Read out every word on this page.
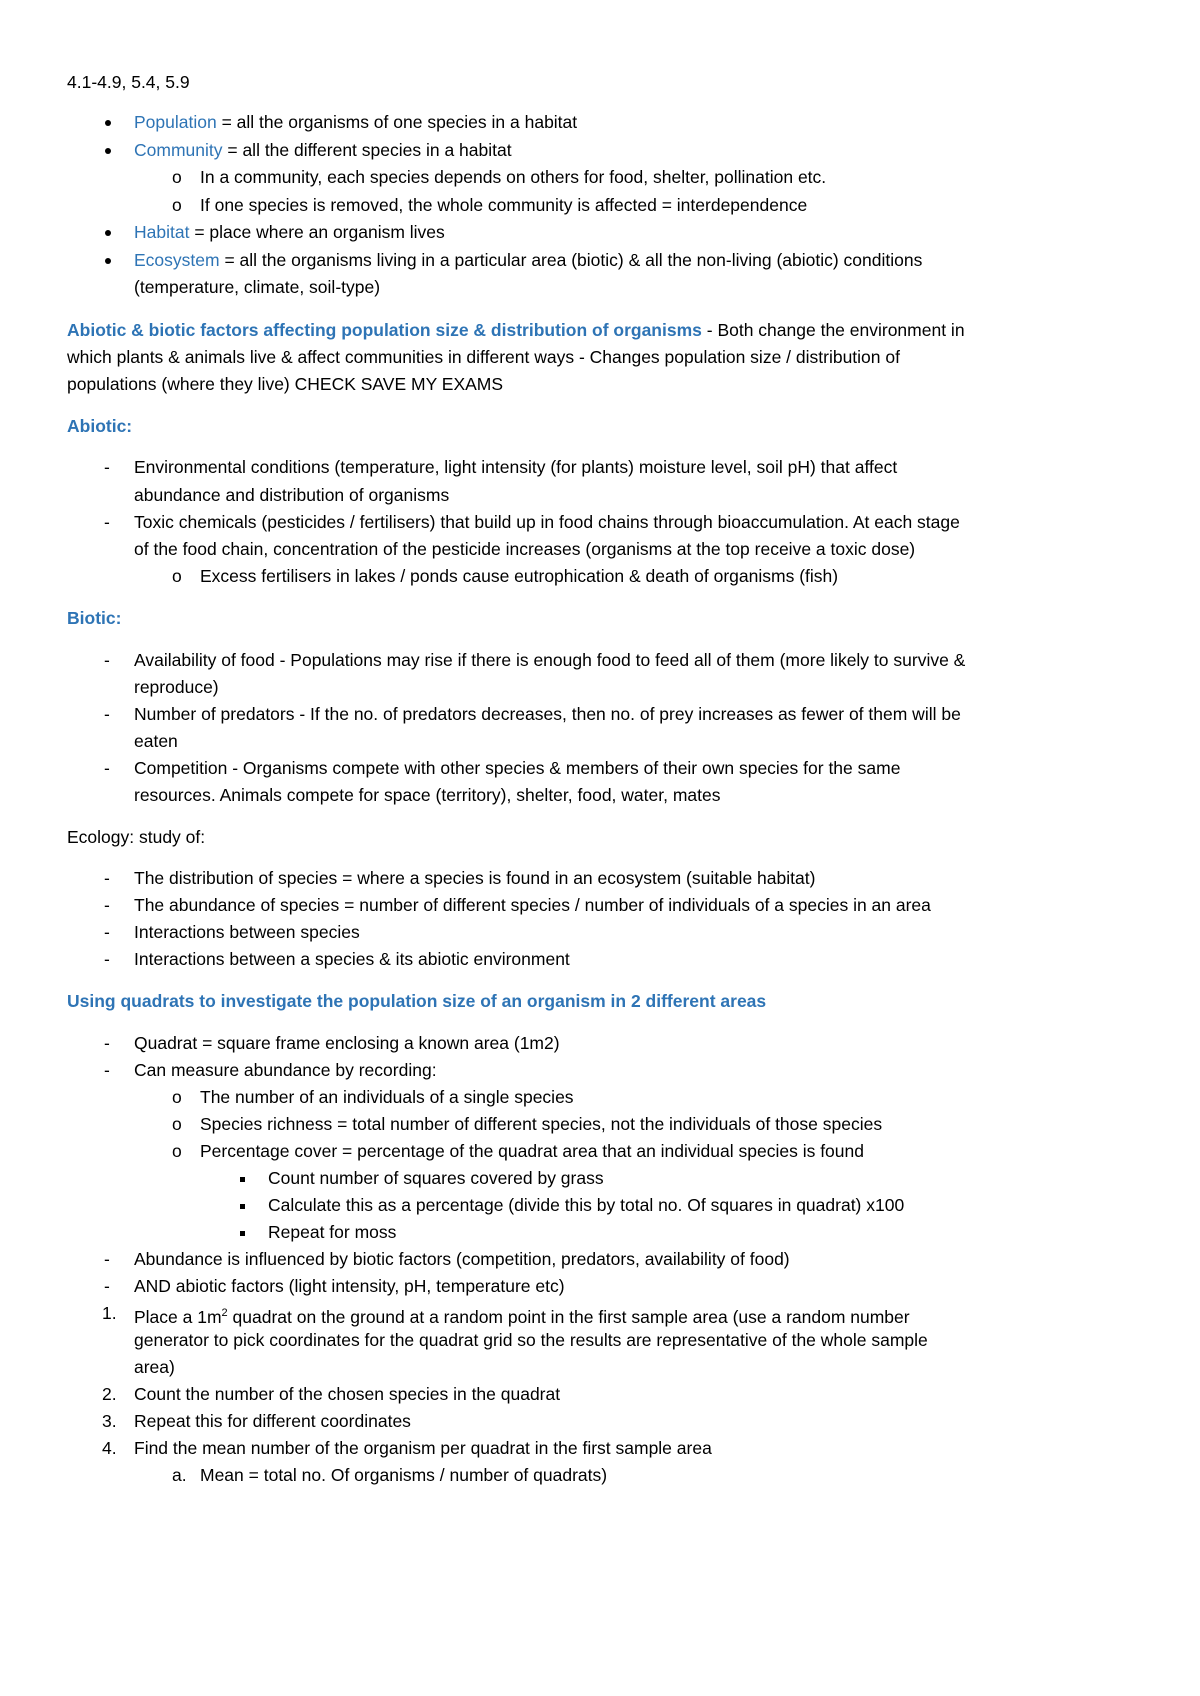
4.1-4.9, 5.4, 5.9
Population = all the organisms of one species in a habitat
Community = all the different species in a habitat
o In a community, each species depends on others for food, shelter, pollination etc.
o If one species is removed, the whole community is affected = interdependence
Habitat = place where an organism lives
Ecosystem = all the organisms living in a particular area (biotic) & all the non-living (abiotic) conditions
(temperature, climate, soil-type)
Abiotic & biotic factors affecting population size & distribution of organisms - Both change the environment in
which plants & animals live & affect communities in different ways - Changes population size / distribution of
populations (where they live) CHECK SAVE MY EXAMS
Abiotic:
- Environmental conditions (temperature, light intensity (for plants) moisture level, soil pH) that affect
abundance and distribution of organisms
- Toxic chemicals (pesticides / fertilisers) that build up in food chains through bioaccumulation. At each stage
of the food chain, concentration of the pesticide increases (organisms at the top receive a toxic dose)
o Excess fertilisers in lakes / ponds cause eutrophication & death of organisms (fish)
Biotic:
- Availability of food - Populations may rise if there is enough food to feed all of them (more likely to survive &
reproduce)
- Number of predators - If the no. of predators decreases, then no. of prey increases as fewer of them will be
eaten
- Competition - Organisms compete with other species & members of their own species for the same
resources. Animals compete for space (territory), shelter, food, water, mates
Ecology: study of:
- The distribution of species = where a species is found in an ecosystem (suitable habitat)
- The abundance of species = number of different species / number of individuals of a species in an area
- Interactions between species
- Interactions between a species & its abiotic environment
Using quadrats to investigate the population size of an organism in 2 different areas
- Quadrat = square frame enclosing a known area (1m2)
- Can measure abundance by recording:
o The number of an individuals of a single species
o Species richness = total number of different species, not the individuals of those species
o Percentage cover = percentage of the quadrat area that an individual species is found
Count number of squares covered by grass
Calculate this as a percentage (divide this by total no. Of squares in quadrat) x100
Repeat for moss
- Abundance is influenced by biotic factors (competition, predators, availability of food)
- AND abiotic factors (light intensity, pH, temperature etc)
1. Place a $1m^2$ quadrat on the ground at a random point in the first sample area (use a random number
generator to pick coordinates for the quadrat grid so the results are representative of the whole sample
area)
2. Count the number of the chosen species in the quadrat
3. Repeat this for different coordinates
4. Find the mean number of the organism per quadrat in the first sample area
a. Mean = total no. Of organisms / number of quadrats)
